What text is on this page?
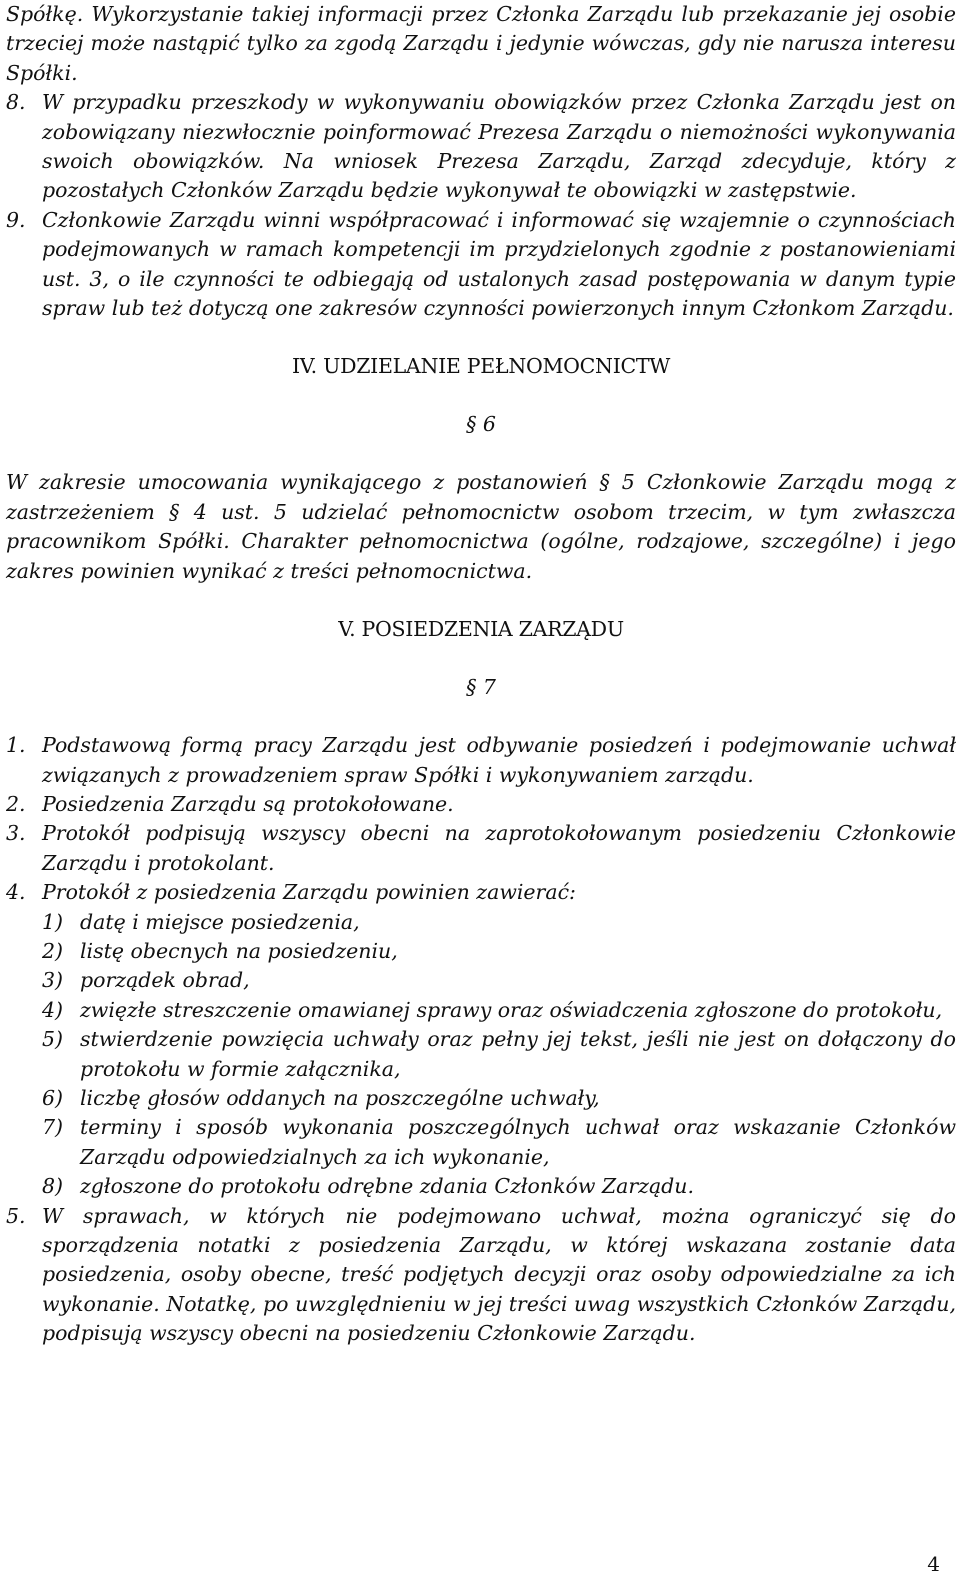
Spółkę. Wykorzystanie takiej informacji przez Członka Zarządu lub przekazanie jej osobie trzeciej może nastąpić tylko za zgodą Zarządu i jedynie wówczas, gdy nie narusza interesu Spółki.

8. W przypadku przeszkody w wykonywaniu obowiązków przez Członka Zarządu jest on zobowiązany niezwłocznie poinformować Prezesa Zarządu o niemożności wykonywania swoich obowiązków. Na wniosek Prezesa Zarządu, Zarząd zdecyduje, który z pozostałych Członków Zarządu będzie wykonywał te obowiązki w zastępstwie.
9. Członkowie Zarządu winni współpracować i informować się wzajemnie o czynnościach podejmowanych w ramach kompetencji im przydzielonych zgodnie z postanowieniami ust. 3, o ile czynności te odbiegają od ustalonych zasad postępowania w danym typie spraw lub też dotyczą one zakresów czynności powierzonych innym Członkom Zarządu.

IV. UDZIELANIE PEŁNOMOCNICTW

§ 6

W zakresie umocowania wynikającego z postanowień § 5 Członkowie Zarządu mogą z zastrzeżeniem § 4 ust. 5 udzielać pełnomocnictw osobom trzecim, w tym zwłaszcza pracownikom Spółki. Charakter pełnomocnictwa (ogólne, rodzajowe, szczególne) i jego zakres powinien wynikać z treści pełnomocnictwa.

V. POSIEDZENIA ZARZĄDU

§ 7
1. Podstawową formą pracy Zarządu jest odbywanie posiedzeń i podejmowanie uchwał związanych z prowadzeniem spraw Spółki i wykonywaniem zarządu.
2. Posiedzenia Zarządu są protokołowane.
3. Protokół podpisują wszyscy obecni na zaprotokołowanym posiedzeniu Członkowie Zarządu i protokolant.
4. Protokół z posiedzenia Zarządu powinien zawierać:
1) datę i miejsce posiedzenia,
2) listę obecnych na posiedzeniu,
3) porządek obrad,
4) zwięzłe streszczenie omawianej sprawy oraz oświadczenia zgłoszone do protokołu,
5) stwierdzenie powzięcia uchwały oraz pełny jej tekst, jeśli nie jest on dołączony do protokołu w formie załącznika,
6) liczbę głosów oddanych na poszczególne uchwały,
7) terminy i sposób wykonania poszczególnych uchwał oraz wskazanie Członków Zarządu odpowiedzialnych za ich wykonanie,
8) zgłoszone do protokołu odrębne zdania Członków Zarządu.
5. W sprawach, w których nie podejmowano uchwał, można ograniczyć się do sporządzenia notatki z posiedzenia Zarządu, w której wskazana zostanie data posiedzenia, osoby obecne, treść podjętych decyzji oraz osoby odpowiedzialne za ich wykonanie. Notatkę, po uwzględnieniu w jej treści uwag wszystkich Członków Zarządu, podpisują wszyscy obecni na posiedzeniu Członkowie Zarządu.
4
